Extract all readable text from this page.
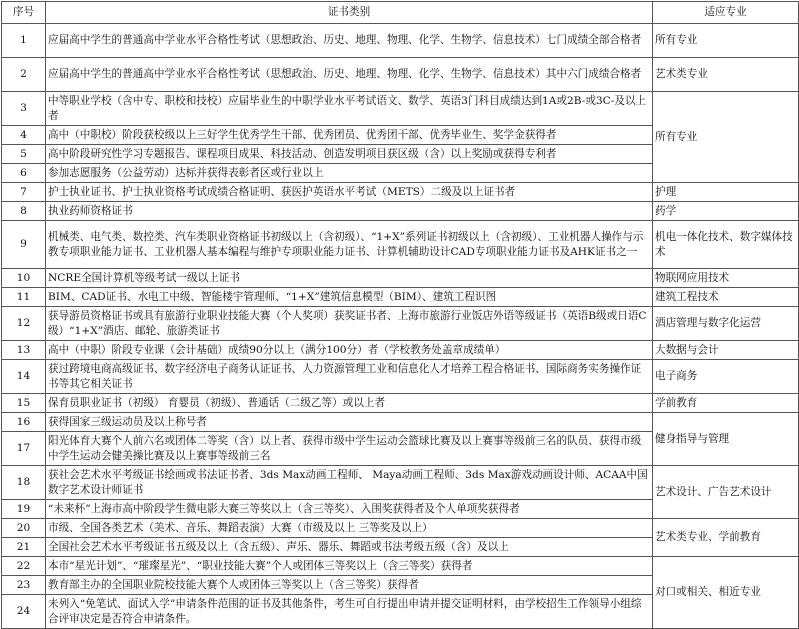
序号	证书类别	适应专业
1	应届高中学生的普通高中学业水平合格性考试（思想政治、历史、地理、物理、化学、生物学、信息技术）七门成绩全部合格者	所有专业
2	应届高中学生的普通高中学业水平合格性考试（思想政治、历史、地理、物理、化学、生物学、信息技术）其中六门成绩合格者	艺术类专业
3	中等职业学校（含中专、职校和技校）应届毕业生的中职学业水平考试语文、数学、英语3门科目成绩达到1A或2B-或3C-及以上者	所有专业
4	高中（中职校）阶段获校级以上三好学生优秀学生干部、优秀团员、优秀团干部、优秀毕业生、奖学金获得者	
5	高中阶段研究性学习专题报告、课程项目成果、科技活动、创造发明项目获区级（含）以上奖励或获得专利者	
6	参加志愿服务（公益劳动）达标并获得表彰者区或行业以上	
7	护士执业证书、护士执业资格考试成绩合格证明、获医护英语水平考试（METS）二级及以上证书者	护理
8	执业药师资格证书	药学
9	机械类、电气类、数控类、汽车类职业资格证书初级以上（含初级）、“1+X”系列证书初级以上（含初级）、工业机器人操作与示教专项职业能力证书、工业机器人基本编程与维护专项职业能力证书、计算机辅助设计CAD专项职业能力证书及AHK证书之一	机电一体化技术、数字媒体技术
10	NCRE全国计算机等级考试一级以上证书	物联网应用技术
11	BIM、CAD证书、水电工中级、智能楼宇管理师、“1+X”建筑信息模型（BIM）、建筑工程识图	建筑工程技术
12	获导游员资格证书或具有旅游行业职业技能大赛（个人奖项）获奖证书者、上海市旅游行业饭店外语等级证书（英语B级或日语C级）“1+X”酒店、邮轮、旅游类证书	酒店管理与数字化运营
13	高中（中职）阶段专业课（会计基础）成绩90分以上（满分100分）者（学校教务处盖章成绩单）	大数据与会计
14	获过跨境电商高级证书、数字经济电子商务认证证书、人力资源管理工业和信息化人才培养工程合格证书、国际商务实务操作证书等其它相关证书	电子商务
15	保育员职业证书（初级） 育婴员（初级）、普通话（二级乙等）或以上者	学前教育
16	获得国家三级运动员及以上称号者	健身指导与管理
17	阳光体育大赛个人前六名或团体二等奖（含）以上者、获得市级中学生运动会篮球比赛及以上赛事等级前三名的队员、获得市级中学生运动会健美操比赛及以上赛事等级前三名	
18	获社会艺术水平考级证书绘画或书法证书者、3ds Max动画工程师、 Maya动画工程师、3ds Max游戏动画设计师、ACAA中国数字艺术设计师证书	艺术设计、广告艺术设计
19	“未来杯”上海市高中阶段学生微电影大赛三等奖以上（含三等奖）、入围奖获得者及个人单项奖获得者	
20	市级、全国各类艺术（美术、音乐、舞蹈表演）大赛（市级及以上 三等奖及以上）	艺术类专业、学前教育
21	全国社会艺术水平考级证书五级及以上（含五级）、声乐、器乐、舞蹈或书法考级五级（含）及以上	
22	本市“星光计划”、“璀璨星光”、“职业技能大赛”个人或团体三等奖以上（含三等奖）获得者	对口或相关、相近专业
23	教育部主办的全国职业院校技能大赛个人或团体三等奖以上（含三等奖）获得者	
24	未列入“免笔试、面试入学”申请条件范围的证书及其他条件，考生可自行提出申请并提交证明材料，由学校招生工作领导小组综合评审决定是否符合申请条件。	
